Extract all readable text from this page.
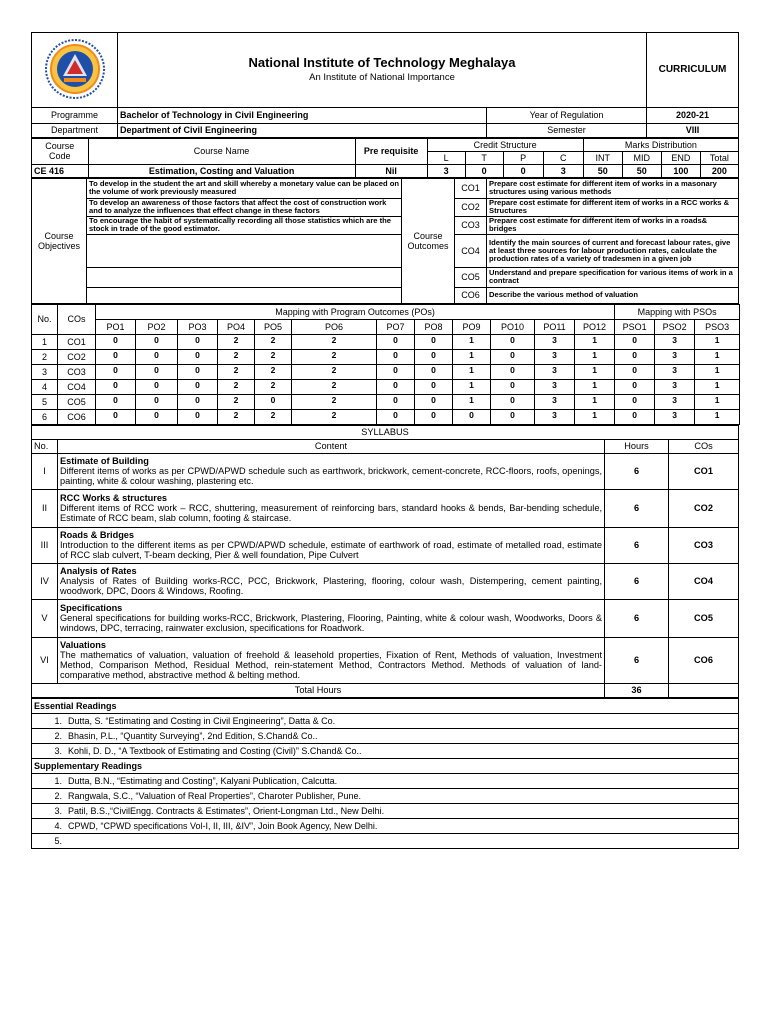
National Institute of Technology Meghalaya
An Institute of National Importance
	CURRICULUM
Programme	Bachelor of Technology in Civil Engineering	Year of Regulation	2020-21
Department	Department of Civil Engineering	Semester	VIII
Course Code	Course Name	Pre requisite	Credit Structure				Marks Distribution			
			L	T	P	C	INT	MID	END	Total
CE 416	Estimation, Costing and Valuation	Nil	3	0	0	3	50	50	100	200
Course Objectives	To develop in the student the art and skill whereby a monetary value can be placed on the volume of work previously measured	Course Outcomes	CO1	Prepare cost estimate for different item of works in a masonary structures using various methods
	To develop an awareness of those factors that affect the cost of construction work and to analyze the influences that effect change in these factors		CO2	Prepare cost estimate for different item of works in a RCC works & Structures
	To encourage the habit of systematically recording all those statistics which are the stock in trade of the good estimator.		CO3	Prepare cost estimate for different item of works in a roads& bridges
			CO4	Identify the main sources of current and forecast labour rates, give at least three sources for labour production rates, calculate the production rates of a variety of tradesmen in a given job
			CO5	Understand and prepare specification for various items of work in a contract
			CO6	Describe the various method of valuation
No.	COs	Mapping with Program Outcomes (POs)												Mapping with PSOs		
		PO1	PO2	PO3	PO4	PO5	PO6	PO7	PO8	PO9	PO10	PO11	PO12	PSO1	PSO2	PSO3
1	CO1	0	0	0	2	2	2	0	0	1	0	3	1	0	3	1
2	CO2	0	0	0	2	2	2	0	0	1	0	3	1	0	3	1
3	CO3	0	0	0	2	2	2	0	0	1	0	3	1	0	3	1
4	CO4	0	0	0	2	2	2	0	0	1	0	3	1	0	3	1
5	CO5	0	0	0	2	0	2	0	0	1	0	3	1	0	3	1
6	CO6	0	0	0	2	2	2	0	0	0	0	3	1	0	3	1
SYLLABUS			
No.	Content	Hours	COs
I	Estimate of Building
Different items of works as per CPWD/APWD schedule such as earthwork, brickwork, cement-concrete, RCC-floors, roofs, openings, painting, white & colour washing, plastering etc.	6	CO1
II	RCC Works & structures
Different items of RCC work – RCC, shuttering, measurement of reinforcing bars, standard hooks & bends, Bar-bending schedule, Estimate of RCC beam, slab column, footing & staircase.	6	CO2
III	Roads & Bridges
Introduction to the different items as per CPWD/APWD schedule, estimate of earthwork of road, estimate of metalled road, estimate of RCC slab culvert, T-beam decking, Pier & well foundation, Pipe Culvert	6	CO3
IV	Analysis of Rates
Analysis of Rates of Building works-RCC, PCC, Brickwork, Plastering, flooring, colour wash, Distempering, cement painting, woodwork, DPC, Doors & Windows, Roofing.	6	CO4
V	Specifications
General specifications for building works-RCC, Brickwork, Plastering, Flooring, Painting, white & colour wash, Woodworks, Doors & windows, DPC, terracing, rainwater exclusion, specifications for Roadwork.	6	CO5
VI	Valuations
The mathematics of valuation, valuation of freehold & leasehold properties, Fixation of Rent, Methods of valuation, Investment Method, Comparison Method, Residual Method, rein-statement Method, Contractors Method. Methods of valuation of land-comparative method, abstractive method & belting method.	6	CO6
Total Hours		36	
Essential Readings
1. Dutta, S. “Estimating and Costing in Civil Engineering”, Datta & Co.
2. Bhasin, P.L., “Quantity Surveying”, 2nd Edition, S.Chand& Co..
3. Kohli, D. D., “A Textbook of Estimating and Costing (Civil)” S.Chand& Co..
Supplementary Readings
1. Dutta, B.N., “Estimating and Costing”, Kalyani Publication, Calcutta.
2. Rangwala, S.C., “Valuation of Real Properties”, Charoter Publisher, Pune.
3. Patil, B.S.,“CivilEngg. Contracts & Estimates”, Orient-Longman Ltd., New Delhi.
4. CPWD, “CPWD specifications Vol-I, II, III, &IV”, Join Book Agency, New Delhi.
5.
